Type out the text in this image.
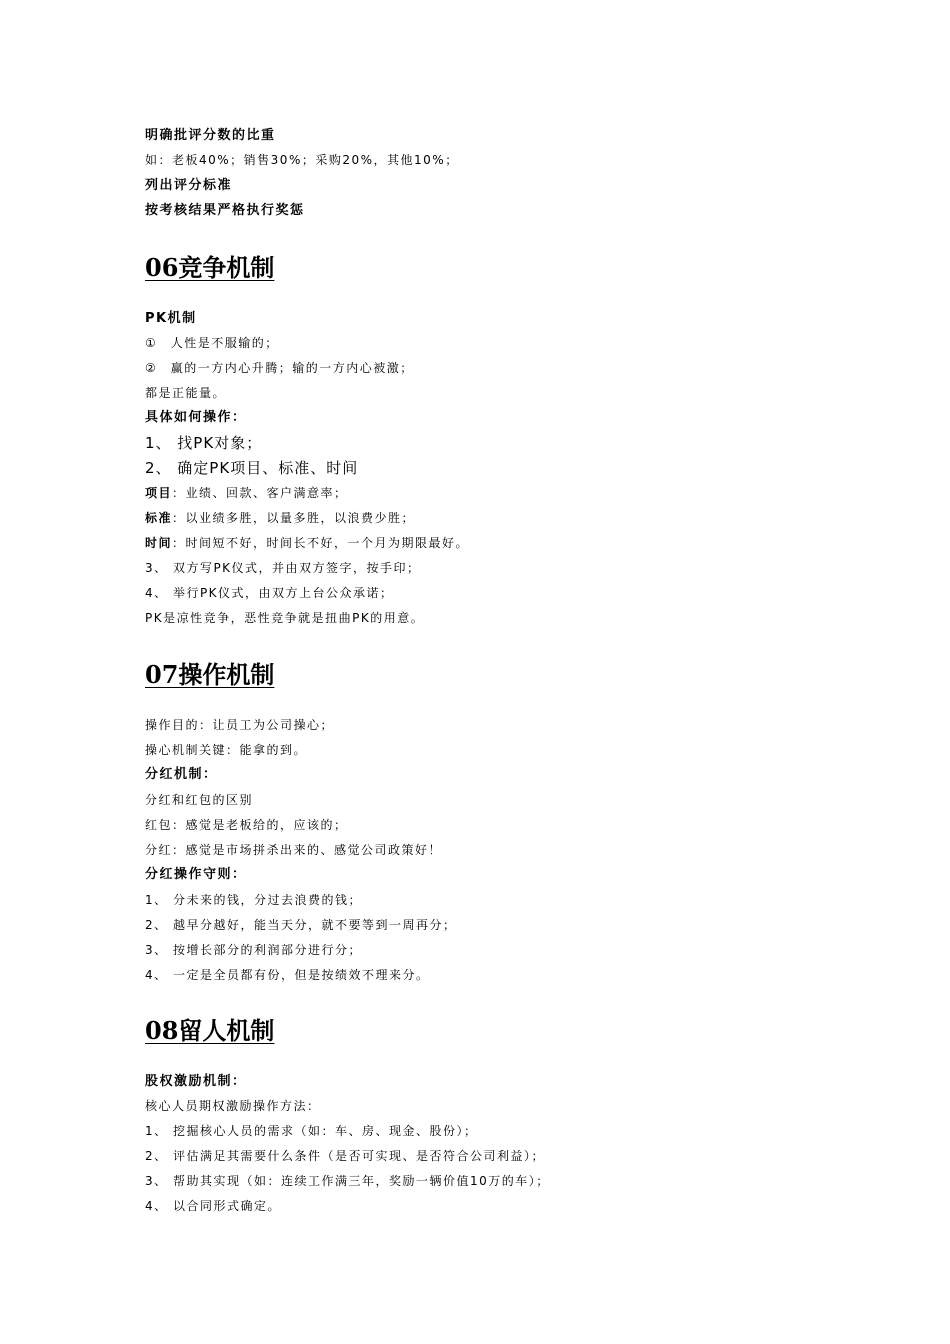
明确批评分数的比重
如：老板40%；销售30%；采购20%，其他10%；
列出评分标准
按考核结果严格执行奖惩
06竞争机制
PK机制
①　人性是不服输的；
②　赢的一方内心升腾；输的一方内心被激；
都是正能量。
具体如何操作：
1、 找PK对象；
2、 确定PK项目、标准、时间
项目：业绩、回款、客户满意率；
标准：以业绩多胜，以量多胜，以浪费少胜；
时间：时间短不好，时间长不好，一个月为期限最好。
3、 双方写PK仪式，并由双方签字，按手印；
4、 举行PK仪式，由双方上台公众承诺；
PK是凉性竞争，恶性竞争就是扭曲PK的用意。
07操作机制
操作目的：让员工为公司操心；
操心机制关键：能拿的到。
分红机制：
分红和红包的区别
红包：感觉是老板给的，应该的；
分红：感觉是市场拼杀出来的、感觉公司政策好！
分红操作守则：
1、 分未来的钱，分过去浪费的钱；
2、 越早分越好，能当天分，就不要等到一周再分；
3、 按增长部分的利润部分进行分；
4、 一定是全员都有份，但是按绩效不理来分。
08留人机制
股权激励机制：
核心人员期权激励操作方法：
1、 挖掘核心人员的需求（如：车、房、现金、股份）；
2、 评估满足其需要什么条件（是否可实现、是否符合公司利益）；
3、 帮助其实现（如：连续工作满三年，奖励一辆价值10万的车）；
4、 以合同形式确定。
